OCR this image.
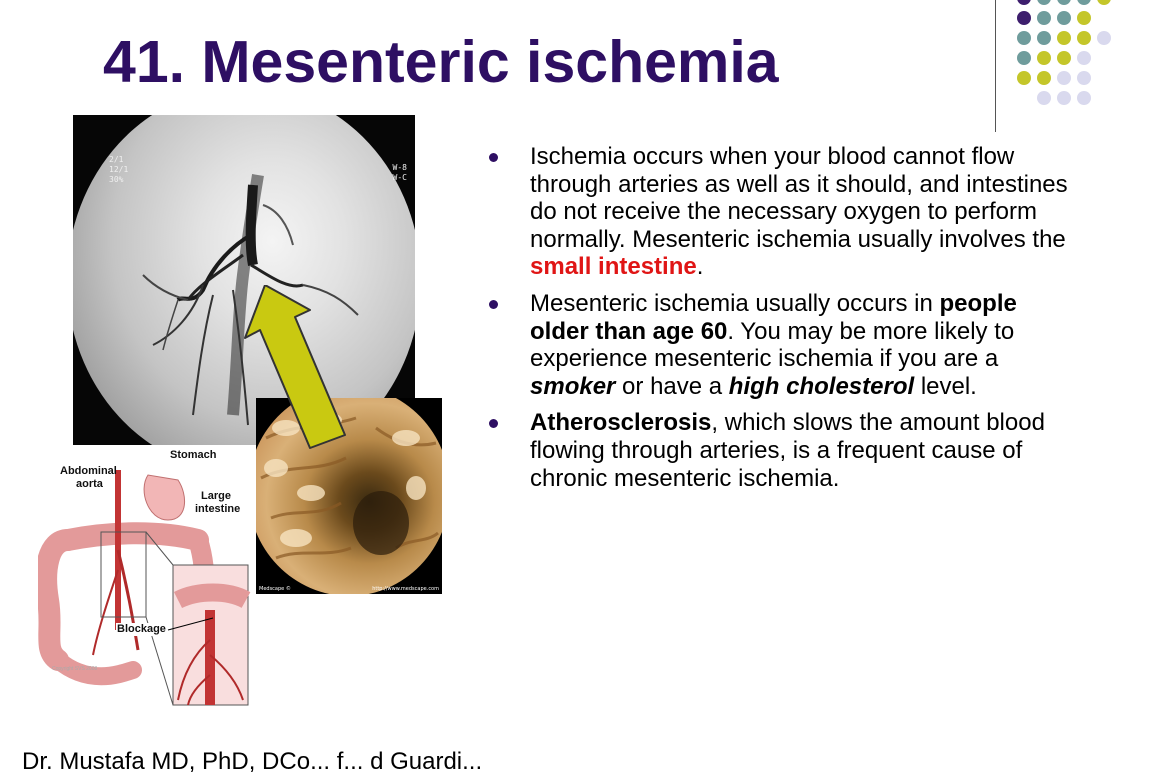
41. Mesenteric ischemia
2/1
12/1
30%
W-8
W-C
Medscape ©	http://www.medscape.com
Stomach
Abdominal
aorta
Large
intestine
Blockage
Copyright SVS 2008
Ischemia occurs when your blood cannot flow through arteries as well as it should, and intestines do not receive the necessary oxygen to perform normally. Mesenteric ischemia usually involves the small intestine.
Mesenteric ischemia usually occurs in people older than age 60. You may be more likely to experience mesenteric ischemia if you are a smoker or have a high cholesterol level.
Atherosclerosis, which slows the amount blood flowing through arteries, is a frequent cause of chronic mesenteric ischemia.
Dr. Mustafa MD, PhD, DCo... f... d Guardi...
